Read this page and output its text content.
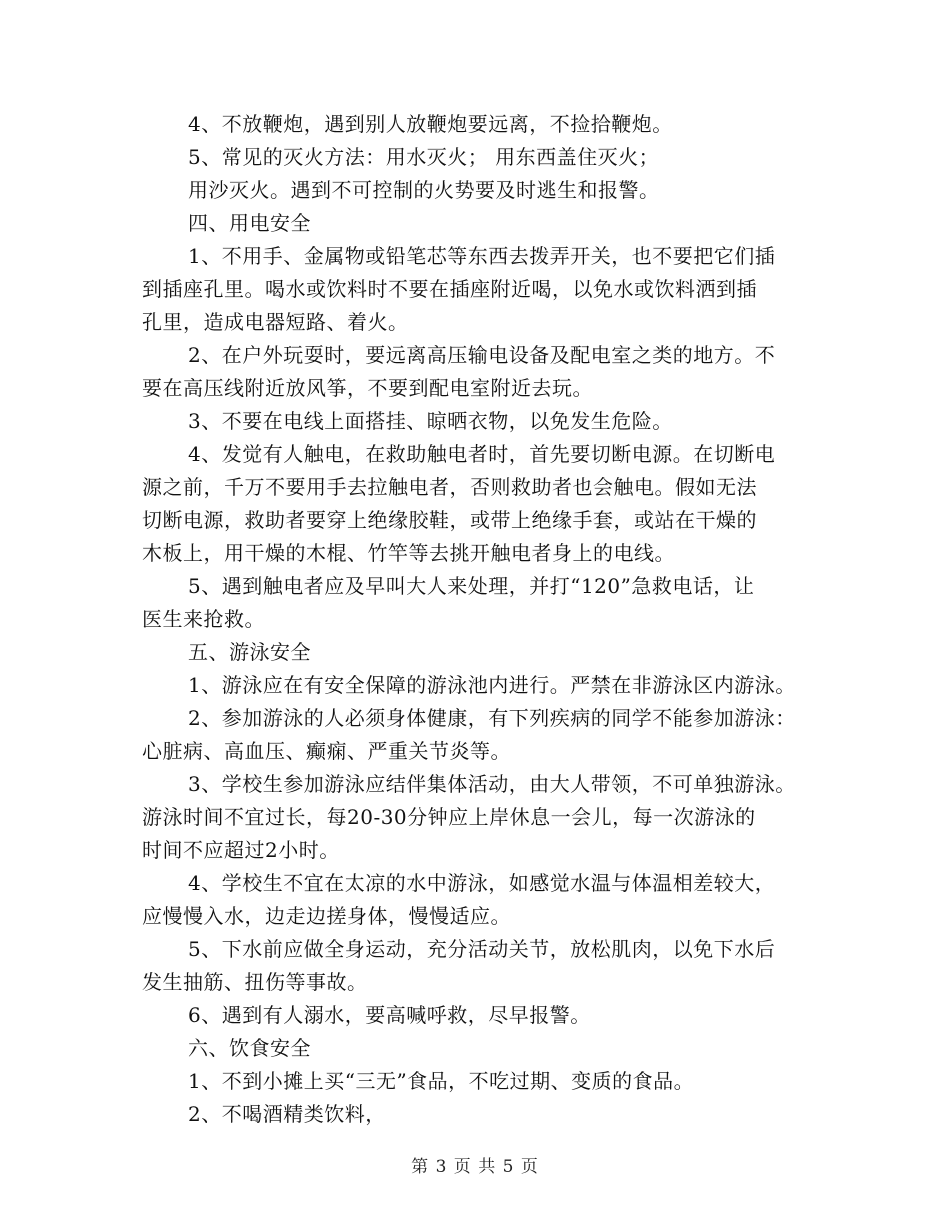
4、不放鞭炮，遇到别人放鞭炮要远离，不捡拾鞭炮。
5、常见的灭火方法：用水灭火； 用东西盖住灭火；
用沙灭火。遇到不可控制的火势要及时逃生和报警。
四、用电安全
1、不用手、金属物或铅笔芯等东西去拨弄开关，也不要把它们插
到插座孔里。喝水或饮料时不要在插座附近喝，以免水或饮料洒到插
孔里，造成电器短路、着火。
2、在户外玩耍时，要远离高压输电设备及配电室之类的地方。不
要在高压线附近放风筝，不要到配电室附近去玩。
3、不要在电线上面搭挂、晾晒衣物，以免发生危险。
4、发觉有人触电，在救助触电者时，首先要切断电源。在切断电
源之前，千万不要用手去拉触电者，否则救助者也会触电。假如无法
切断电源，救助者要穿上绝缘胶鞋，或带上绝缘手套，或站在干燥的
木板上，用干燥的木棍、竹竿等去挑开触电者身上的电线。
5、遇到触电者应及早叫大人来处理，并打“120”急救电话，让
医生来抢救。
五、游泳安全
1、游泳应在有安全保障的游泳池内进行。严禁在非游泳区内游泳。
2、参加游泳的人必须身体健康，有下列疾病的同学不能参加游泳：
心脏病、高血压、癫痫、严重关节炎等。
3、学校生参加游泳应结伴集体活动，由大人带领，不可单独游泳。
游泳时间不宜过长，每20-30分钟应上岸休息一会儿，每一次游泳的
时间不应超过2小时。
4、学校生不宜在太凉的水中游泳，如感觉水温与体温相差较大，
应慢慢入水，边走边搓身体，慢慢适应。
5、下水前应做全身运动，充分活动关节，放松肌肉，以免下水后
发生抽筋、扭伤等事故。
6、遇到有人溺水，要高喊呼救，尽早报警。
六、饮食安全
1、不到小摊上买“三无”食品，不吃过期、变质的食品。
2、不喝酒精类饮料，
第 3 页 共 5 页
